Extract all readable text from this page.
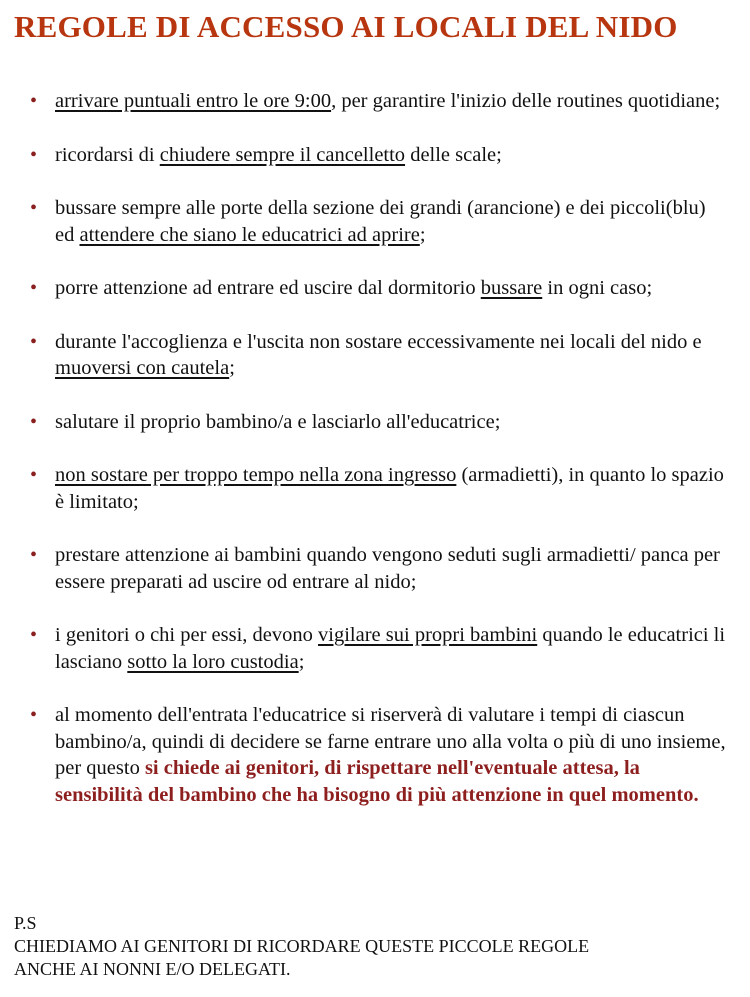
REGOLE DI ACCESSO AI LOCALI DEL NIDO
• arrivare puntuali entro le ore 9:00, per garantire l'inizio delle routines quotidiane;
• ricordarsi di chiudere sempre il cancelletto delle scale;
• bussare sempre alle porte della sezione dei grandi (arancione) e dei piccoli(blu) ed attendere che siano le educatrici ad aprire;
• porre attenzione ad entrare ed uscire dal dormitorio bussare in ogni caso;
• durante l'accoglienza e l'uscita non sostare eccessivamente nei locali del nido e muoversi con cautela;
• salutare il proprio bambino/a e lasciarlo all'educatrice;
• non sostare per troppo tempo nella zona ingresso (armadietti), in quanto lo spazio è limitato;
• prestare attenzione ai bambini quando vengono seduti sugli armadietti/ panca per essere preparati ad uscire od entrare al nido;
• i genitori o chi per essi, devono vigilare sui propri bambini quando le educatrici li lasciano sotto la loro custodia;
• al momento dell'entrata l'educatrice si riserverà di valutare i tempi di ciascun bambino/a, quindi di decidere se farne entrare uno alla volta o più di uno insieme, per questo si chiede ai genitori, di rispettare nell'eventuale attesa, la sensibilità del bambino che ha bisogno di più attenzione in quel momento.
P.S
CHIEDIAMO AI GENITORI DI RICORDARE QUESTE PICCOLE REGOLE
ANCHE AI NONNI E/O DELEGATI.
